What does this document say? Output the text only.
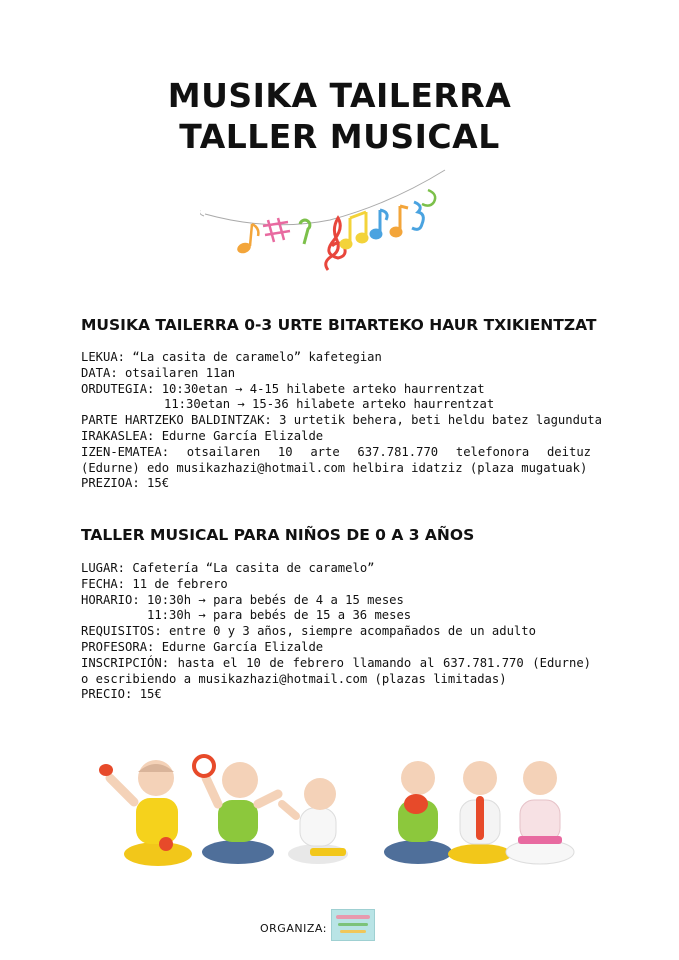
MUSIKA TAILERRA
TALLER MUSICAL
MUSIKA TAILERRA 0-3 URTE BITARTEKO HAUR TXIKIENTZAT
LEKUA: “La casita de caramelo” kafetegian
DATA: otsailaren 11an
ORDUTEGIA: 10:30etan → 4-15 hilabete arteko haurrentzat
11:30etan → 15-36 hilabete arteko haurrentzat
PARTE HARTZEKO BALDINTZAK: 3 urtetik behera, beti heldu batez lagunduta
IRAKASLEA: Edurne García Elizalde
IZEN-EMATEA: otsailaren 10 arte 637.781.770 telefonora deituz (Edurne) edo musikazhazi@hotmail.com helbira idatziz (plaza mugatuak)
PREZIOA: 15€
TALLER MUSICAL PARA NIÑOS DE 0 A 3 AÑOS
LUGAR: Cafetería “La casita de caramelo”
FECHA: 11 de febrero
HORARIO: 10:30h → para bebés de 4 a 15 meses
11:30h → para bebés de 15 a 36 meses
REQUISITOS: entre 0 y 3 años, siempre acompañados de un adulto
PROFESORA: Edurne García Elizalde
INSCRIPCIÓN: hasta el 10 de febrero llamando al 637.781.770 (Edurne) o escribiendo a musikazhazi@hotmail.com (plazas limitadas)
PRECIO: 15€
ORGANIZA:
